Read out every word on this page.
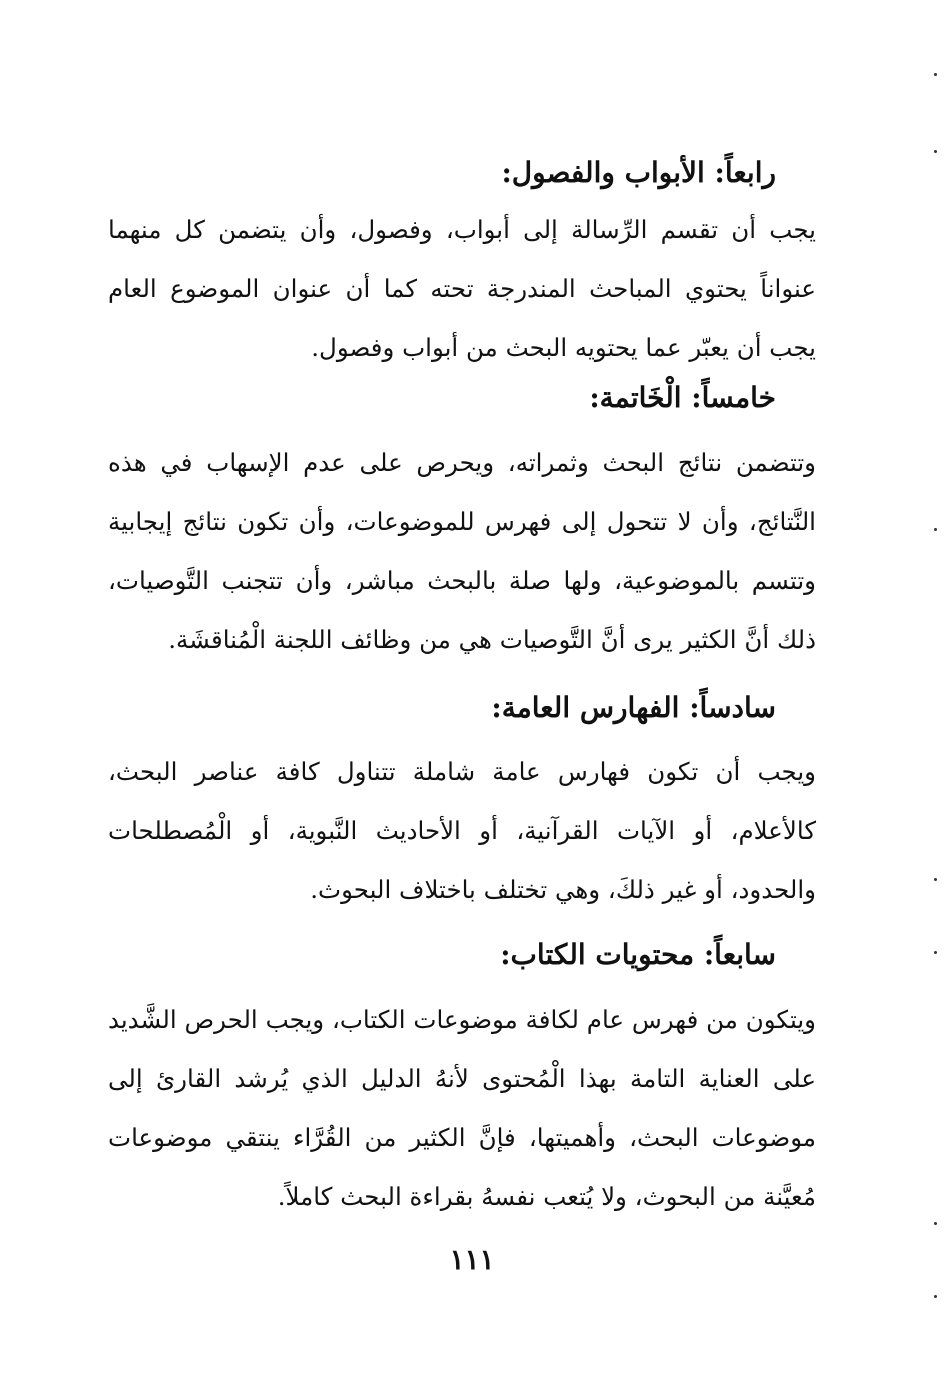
رابعاً: الأبواب والفصول:
يجب أن تقسم الرِّسالة إلى أبواب، وفصول، وأن يتضمن كل منهما عنواناً يحتوي المباحث المندرجة تحته كما أن عنوان الموضوع العام يجب أن يعبّر عما يحتويه البحث من أبواب وفصول.
خامساً: الْخَاتمة:
وتتضمن نتائج البحث وثمراته، ويحرص على عدم الإسهاب في هذه النَّتائج، وأن لا تتحول إلى فهرس للموضوعات، وأن تكون نتائج إيجابية وتتسم بالموضوعية، ولها صلة بالبحث مباشر، وأن تتجنب التَّوصيات، ذلك أنَّ الكثير يرى أنَّ التَّوصيات هي من وظائف اللجنة الْمُناقشَة.
سادساً: الفهارس العامة:
ويجب أن تكون فهارس عامة شاملة تتناول كافة عناصر البحث، كالأعلام، أو الآيات القرآنية، أو الأحاديث النَّبوية، أو الْمُصطلحات والحدود، أو غير ذلكَ، وهي تختلف باختلاف البحوث.
سابعاً: محتويات الكتاب:
ويتكون من فهرس عام لكافة موضوعات الكتاب، ويجب الحرص الشَّديد على العناية التامة بهذا الْمُحتوى لأنهُ الدليل الذي يُرشد القارئ إلى موضوعات البحث، وأهميتها، فإنَّ الكثير من القُرَّاء ينتقي موضوعات مُعيَّنة من البحوث، ولا يُتعب نفسهُ بقراءة البحث كاملاً.
١١١
